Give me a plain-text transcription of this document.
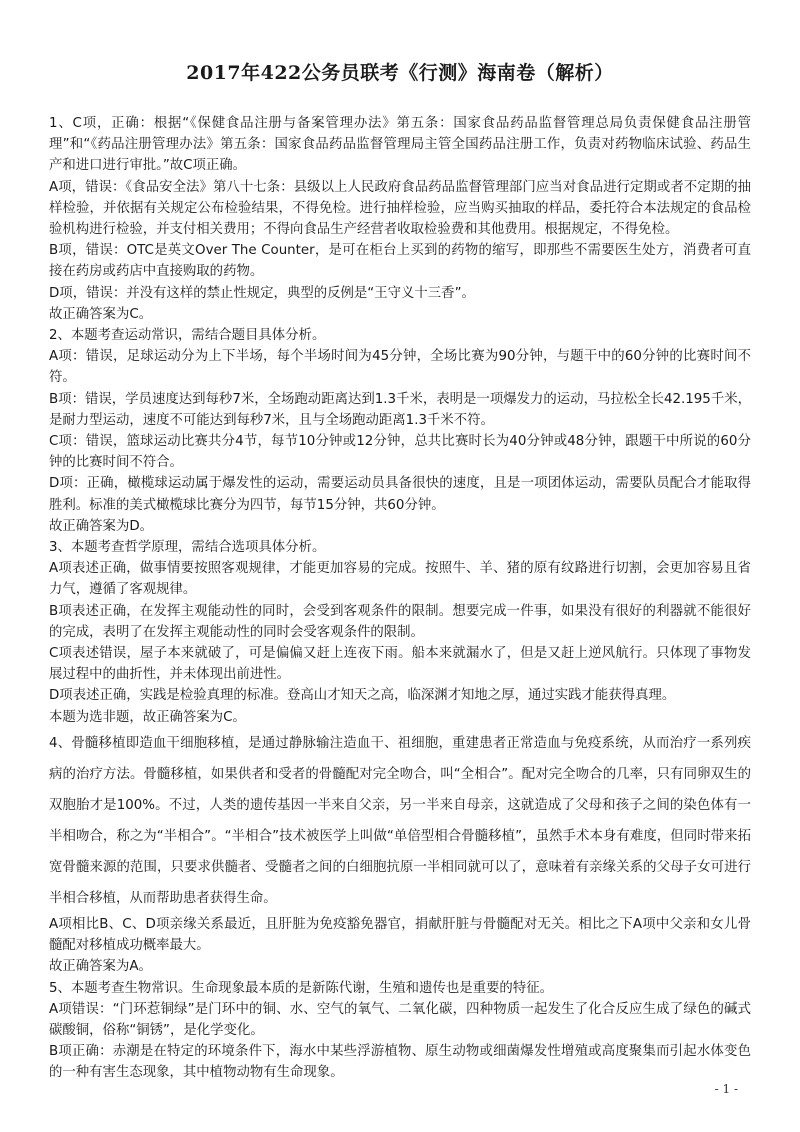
2017年422公务员联考《行测》海南卷（解析）

1、C项，正确：根据“《保健食品注册与备案管理办法》第五条：国家食品药品监督管理总局负责保健食品注册管理”和“《药品注册管理办法》第五条：国家食品药品监督管理局主管全国药品注册工作，负责对药物临床试验、药品生产和进口进行审批。”故C项正确。

A项，错误：《食品安全法》第八十七条：县级以上人民政府食品药品监督管理部门应当对食品进行定期或者不定期的抽样检验，并依据有关规定公布检验结果，不得免检。进行抽样检验，应当购买抽取的样品，委托符合本法规定的食品检验机构进行检验，并支付相关费用；不得向食品生产经营者收取检验费和其他费用。根据规定，不得免检。

B项，错误：OTC是英文Over The Counter，是可在柜台上买到的药物的缩写，即那些不需要医生处方，消费者可直接在药房或药店中直接购取的药物。

D项，错误：并没有这样的禁止性规定，典型的反例是“王守义十三香”。

故正确答案为C。

2、本题考查运动常识，需结合题目具体分析。

A项：错误，足球运动分为上下半场，每个半场时间为45分钟，全场比赛为90分钟，与题干中的60分钟的比赛时间不符。

B项：错误，学员速度达到每秒7米，全场跑动距离达到1.3千米，表明是一项爆发力的运动，马拉松全长42.195千米，是耐力型运动，速度不可能达到每秒7米，且与全场跑动距离1.3千米不符。

C项：错误，篮球运动比赛共分4节，每节10分钟或12分钟，总共比赛时长为40分钟或48分钟，跟题干中所说的60分钟的比赛时间不符合。

D项：正确，橄榄球运动属于爆发性的运动，需要运动员具备很快的速度，且是一项团体运动，需要队员配合才能取得胜利。标准的美式橄榄球比赛分为四节，每节15分钟，共60分钟。

故正确答案为D。

3、本题考查哲学原理，需结合选项具体分析。

A项表述正确，做事情要按照客观规律，才能更加容易的完成。按照牛、羊、猪的原有纹路进行切割，会更加容易且省力气，遵循了客观规律。

B项表述正确，在发挥主观能动性的同时，会受到客观条件的限制。想要完成一件事，如果没有很好的利器就不能很好的完成，表明了在发挥主观能动性的同时会受客观条件的限制。

C项表述错误，屋子本来就破了，可是偏偏又赶上连夜下雨。船本来就漏水了，但是又赶上逆风航行。只体现了事物发展过程中的曲折性，并未体现出前进性。

D项表述正确，实践是检验真理的标准。登高山才知天之高，临深渊才知地之厚，通过实践才能获得真理。

本题为选非题，故正确答案为C。

4、骨髓移植即造血干细胞移植，是通过静脉输注造血干、祖细胞，重建患者正常造血与免疫系统，从而治疗一系列疾病的治疗方法。骨髓移植，如果供者和受者的骨髓配对完全吻合，叫“全相合”。配对完全吻合的几率，只有同卵双生的双胞胎才是100%。不过，人类的遗传基因一半来自父亲，另一半来自母亲，这就造成了父母和孩子之间的染色体有一半相吻合，称之为“半相合”。“半相合”技术被医学上叫做“单倍型相合骨髓移植”，虽然手术本身有难度，但同时带来拓宽骨髓来源的范围，只要求供髓者、受髓者之间的白细胞抗原一半相同就可以了，意味着有亲缘关系的父母子女可进行半相合移植，从而帮助患者获得生命。

A项相比B、C、D项亲缘关系最近，且肝脏为免疫豁免器官，捐献肝脏与骨髓配对无关。相比之下A项中父亲和女儿骨髓配对移植成功概率最大。

故正确答案为A。

5、本题考查生物常识。生命现象最本质的是新陈代谢，生殖和遗传也是重要的特征。

A项错误：“门环惹铜绿”是门环中的铜、水、空气的氧气、二氧化碳，四种物质一起发生了化合反应生成了绿色的碱式碳酸铜，俗称“铜锈”，是化学变化。

B项正确：赤潮是在特定的环境条件下，海水中某些浮游植物、原生动物或细菌爆发性增殖或高度聚集而引起水体变色的一种有害生态现象，其中植物动物有生命现象。

- 1 -
